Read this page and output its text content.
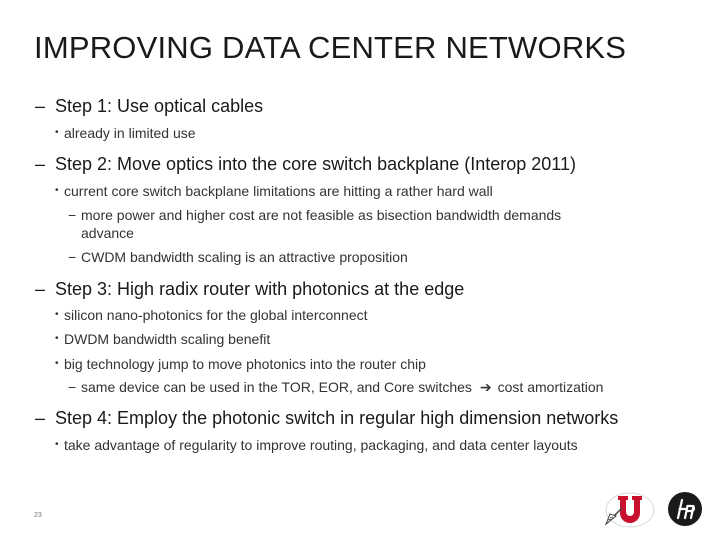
IMPROVING DATA CENTER NETWORKS
– Step 1: Use optical cables
• already in limited use
– Step 2: Move optics into the core switch backplane (Interop 2011)
• current core switch backplane limitations are hitting a rather hard wall
− more power and higher cost are not feasible as bisection bandwidth demands
advance
− CWDM bandwidth scaling is an attractive proposition
– Step 3: High radix router with photonics at the edge
• silicon nano-photonics for the global interconnect
• DWDM bandwidth scaling benefit
• big technology jump to move photonics into the router chip
− same device can be used in the TOR, EOR, and Core switches ➔ cost amortization
– Step 4: Employ the photonic switch in regular high dimension networks
• take advantage of regularity to improve routing, packaging, and data center layouts
23
